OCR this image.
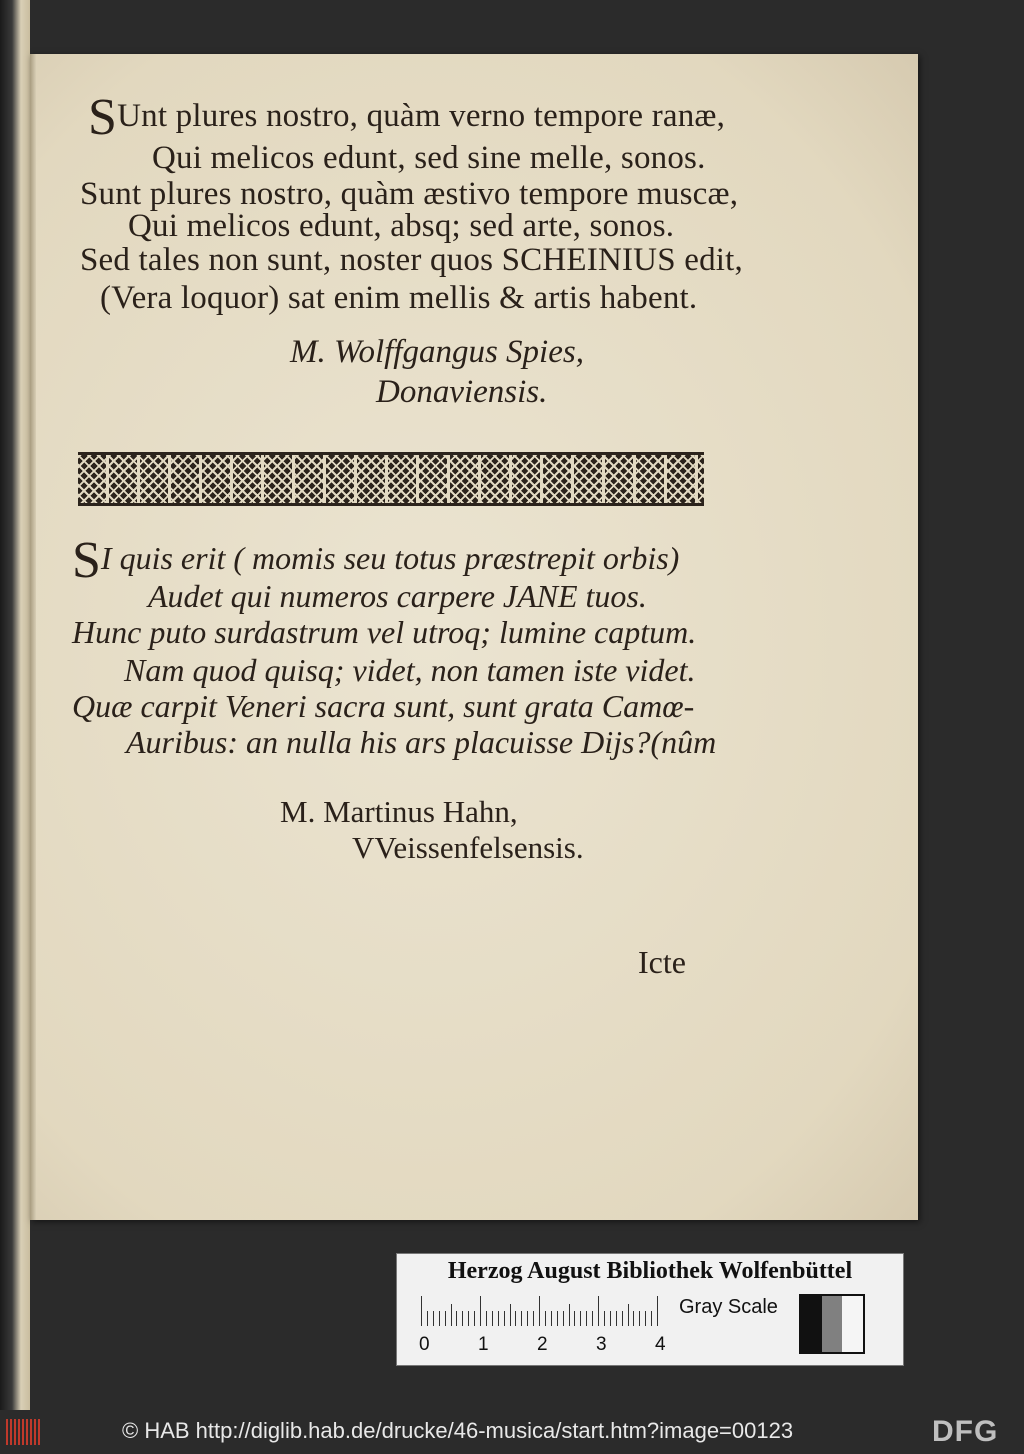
SUnt plures nostro, quàm verno tempore ranæ,
Qui melicos edunt, sed sine melle, sonos.
Sunt plures nostro, quàm æstivo tempore muscæ,
Qui melicos edunt, absq; sed arte, sonos.
Sed tales non sunt, noster quos SCHEINIUS edit,
(Vera loquor) sat enim mellis & artis habent.
M. Wolffgangus Spies,
Donaviensis.
SI quis erit ( momis seu totus præstrepit orbis)
Audet qui numeros carpere JANE tuos.
Hunc puto surdastrum vel utroq; lumine captum.
Nam quod quisq; videt, non tamen iste videt.
Quæ carpit Veneri sacra sunt, sunt grata Camœ-
Auribus: an nulla his ars placuisse Dijs?(nûm
M. Martinus Hahn,
VVeissenfelsensis.
Icte
Herzog August Bibliothek Wolfenbüttel
0	1	2	3	4
Gray Scale
© HAB http://diglib.hab.de/drucke/46-musica/start.htm?image=00123	DFG
